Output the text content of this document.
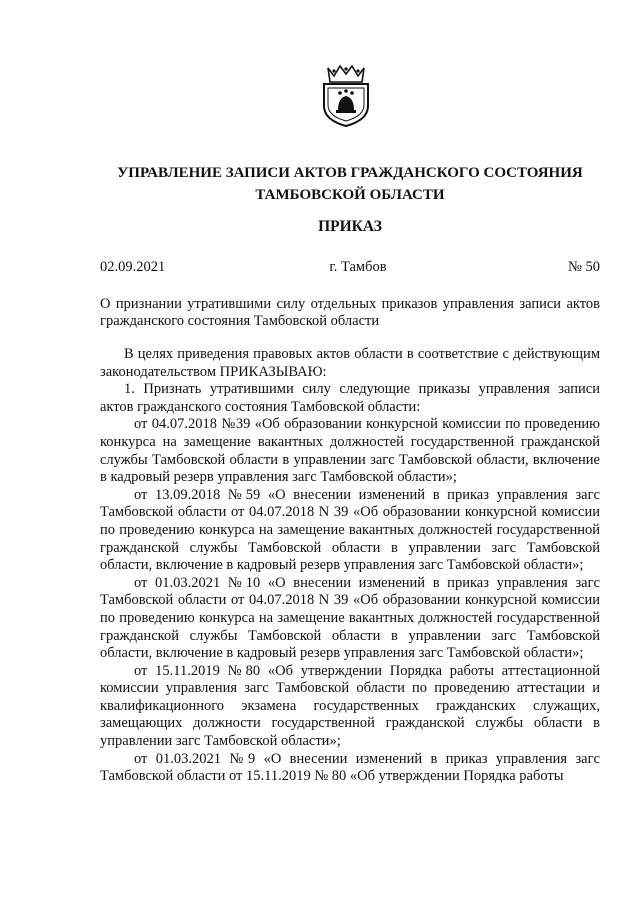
УПРАВЛЕНИЕ ЗАПИСИ АКТОВ ГРАЖДАНСКОГО СОСТОЯНИЯ
ТАМБОВСКОЙ ОБЛАСТИ
ПРИКАЗ
02.09.2021	г. Тамбов	№ 50
О признании утратившими силу отдельных приказов управления записи актов гражданского состояния Тамбовской области

В целях приведения правовых актов области в соответствие с действующим законодательством ПРИКАЗЫВАЮ:

1. Признать утратившими силу следующие приказы управления записи актов гражданского состояния Тамбовской области:

от 04.07.2018 №39 «Об образовании конкурсной комиссии по проведению конкурса на замещение вакантных должностей государственной гражданской службы Тамбовской области в управлении загс Тамбовской области, включение в кадровый резерв управления загс Тамбовской области»;

от 13.09.2018 №59 «О внесении изменений в приказ управления загс Тамбовской области от 04.07.2018 N 39 «Об образовании конкурсной комиссии по проведению конкурса на замещение вакантных должностей государственной гражданской службы Тамбовской области в управлении загс Тамбовской области, включение в кадровый резерв управления загс Тамбовской области»;

от 01.03.2021 №10 «О внесении изменений в приказ управления загс Тамбовской области от 04.07.2018 N 39 «Об образовании конкурсной комиссии по проведению конкурса на замещение вакантных должностей государственной гражданской службы Тамбовской области в управлении загс Тамбовской области, включение в кадровый резерв управления загс Тамбовской области»;

от 15.11.2019 №80 «Об утверждении Порядка работы аттестационной комиссии управления загс Тамбовской области по проведению аттестации и квалификационного экзамена государственных гражданских служащих, замещающих должности государственной гражданской службы области в управлении загс Тамбовской области»;

от 01.03.2021 №9 «О внесении изменений в приказ управления загс Тамбовской области от 15.11.2019 № 80 «Об утверждении Порядка работы
